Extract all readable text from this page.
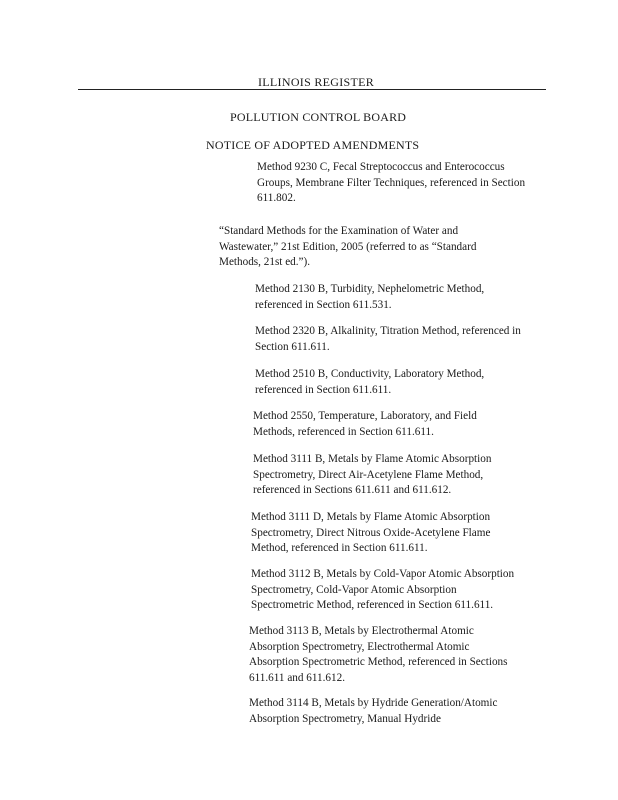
ILLINOIS REGISTER
POLLUTION CONTROL BOARD
NOTICE OF ADOPTED AMENDMENTS
Method 9230 C, Fecal Streptococcus and Enterococcus
Groups, Membrane Filter Techniques, referenced in Section
611.802.
“Standard Methods for the Examination of Water and
Wastewater,” 21st Edition, 2005 (referred to as “Standard
Methods, 21st ed.”).
Method 2130 B, Turbidity, Nephelometric Method,
referenced in Section 611.531.
Method 2320 B, Alkalinity, Titration Method, referenced in
Section 611.611.
Method 2510 B, Conductivity, Laboratory Method,
referenced in Section 611.611.
Method 2550, Temperature, Laboratory, and Field
Methods, referenced in Section 611.611.
Method 3111 B, Metals by Flame Atomic Absorption
Spectrometry, Direct Air-Acetylene Flame Method,
referenced in Sections 611.611 and 611.612.
Method 3111 D, Metals by Flame Atomic Absorption
Spectrometry, Direct Nitrous Oxide-Acetylene Flame
Method, referenced in Section 611.611.
Method 3112 B, Metals by Cold-Vapor Atomic Absorption
Spectrometry, Cold-Vapor Atomic Absorption
Spectrometric Method, referenced in Section 611.611.
Method 3113 B, Metals by Electrothermal Atomic
Absorption Spectrometry, Electrothermal Atomic
Absorption Spectrometric Method, referenced in Sections
611.611 and 611.612.
Method 3114 B, Metals by Hydride Generation/Atomic
Absorption Spectrometry, Manual Hydride
